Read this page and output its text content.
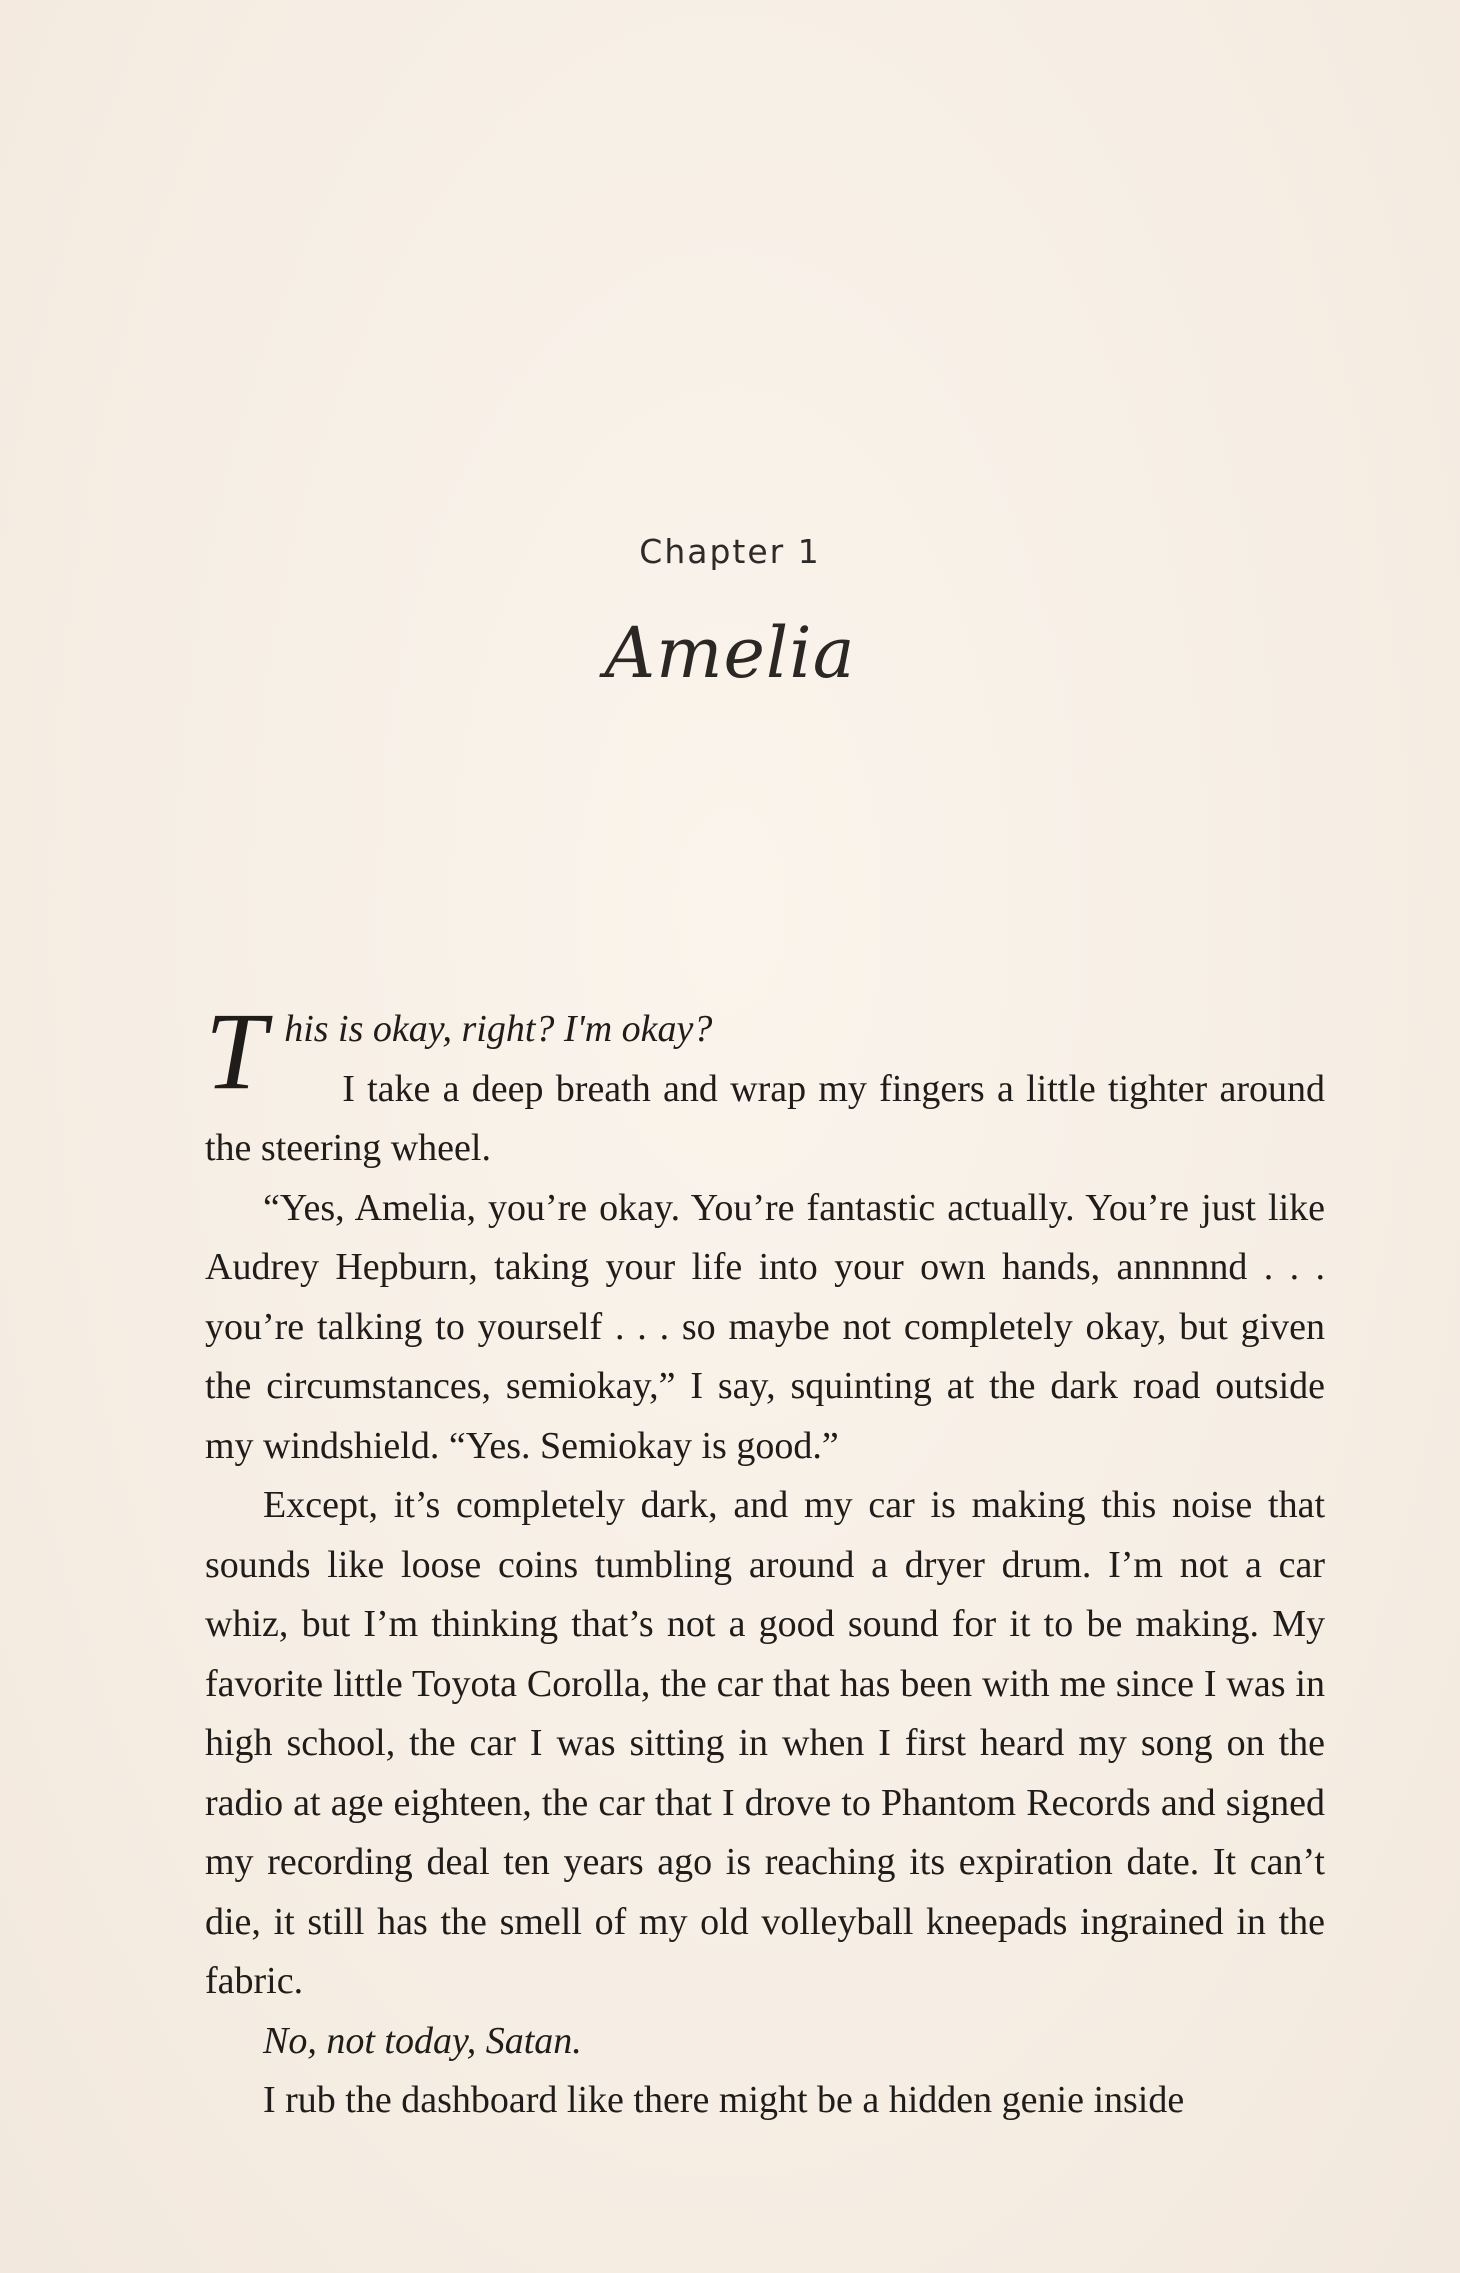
Chapter 1
Amelia

T his is okay, right? I'm okay?
I take a deep breath and wrap my fingers a little tighter around the steering wheel.

“Yes, Amelia, you’re okay. You’re fantastic actually. You’re just like Audrey Hepburn, taking your life into your own hands, annnnnd . . . you’re talking to yourself . . . so maybe not completely okay, but given the circumstances, semiokay,” I say, squinting at the dark road outside my windshield. “Yes. Semiokay is good.”

Except, it’s completely dark, and my car is making this noise that sounds like loose coins tumbling around a dryer drum. I’m not a car whiz, but I’m thinking that’s not a good sound for it to be making. My favorite little Toyota Corolla, the car that has been with me since I was in high school, the car I was sitting in when I first heard my song on the radio at age eighteen, the car that I drove to Phantom Records and signed my recording deal ten years ago is reaching its expiration date. It can’t die, it still has the smell of my old volleyball kneepads ingrained in the fabric.

No, not today, Satan.

I rub the dashboard like there might be a hidden genie inside
